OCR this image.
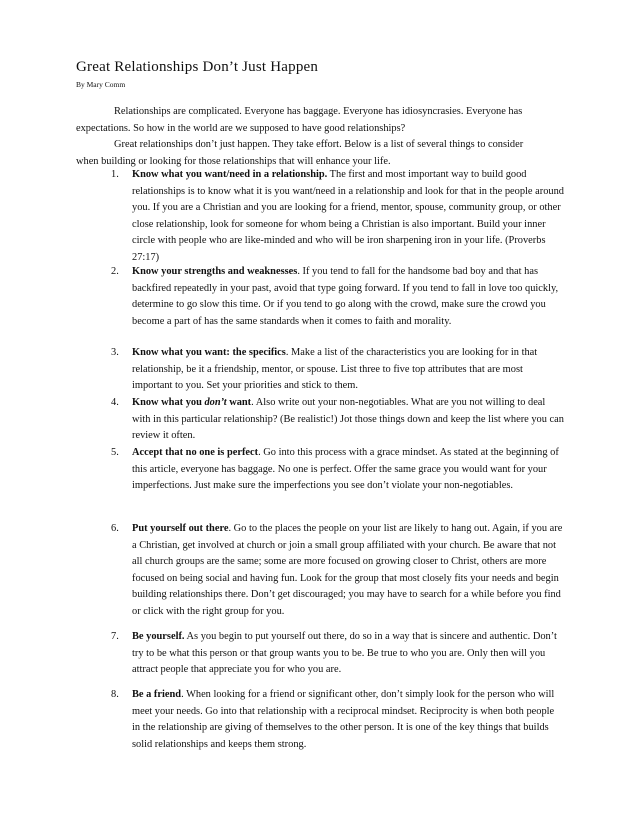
Great Relationships Don’t Just Happen
By Mary Comm

Relationships are complicated. Everyone has baggage. Everyone has idiosyncrasies. Everyone has expectations. So how in the world are we supposed to have good relationships?

Great relationships don’t just happen. They take effort. Below is a list of several things to consider when building or looking for those relationships that will enhance your life.

1. Know what you want/need in a relationship. The first and most important way to build good relationships is to know what it is you want/need in a relationship and look for that in the people around you. If you are a Christian and you are looking for a friend, mentor, spouse, community group, or other close relationship, look for someone for whom being a Christian is also important. Build your inner circle with people who are like-minded and who will be iron sharpening iron in your life. (Proverbs 27:17)
2. Know your strengths and weaknesses. If you tend to fall for the handsome bad boy and that has backfired repeatedly in your past, avoid that type going forward. If you tend to fall in love too quickly, determine to go slow this time. Or if you tend to go along with the crowd, make sure the crowd you become a part of has the same standards when it comes to faith and morality.
3. Know what you want: the specifics. Make a list of the characteristics you are looking for in that relationship, be it a friendship, mentor, or spouse. List three to five top attributes that are most important to you. Set your priorities and stick to them.
4. Know what you don’t want. Also write out your non-negotiables. What are you not willing to deal with in this particular relationship? (Be realistic!) Jot those things down and keep the list where you can review it often.
5. Accept that no one is perfect. Go into this process with a grace mindset. As stated at the beginning of this article, everyone has baggage. No one is perfect. Offer the same grace you would want for your imperfections. Just make sure the imperfections you see don’t violate your non-negotiables.
6. Put yourself out there. Go to the places the people on your list are likely to hang out. Again, if you are a Christian, get involved at church or join a small group affiliated with your church. Be aware that not all church groups are the same; some are more focused on growing closer to Christ, others are more focused on being social and having fun. Look for the group that most closely fits your needs and begin building relationships there. Don’t get discouraged; you may have to search for a while before you find or click with the right group for you.
7. Be yourself. As you begin to put yourself out there, do so in a way that is sincere and authentic. Don’t try to be what this person or that group wants you to be. Be true to who you are. Only then will you attract people that appreciate you for who you are.
8. Be a friend. When looking for a friend or significant other, don’t simply look for the person who will meet your needs. Go into that relationship with a reciprocal mindset. Reciprocity is when both people in the relationship are giving of themselves to the other person. It is one of the key things that builds solid relationships and keeps them strong.
